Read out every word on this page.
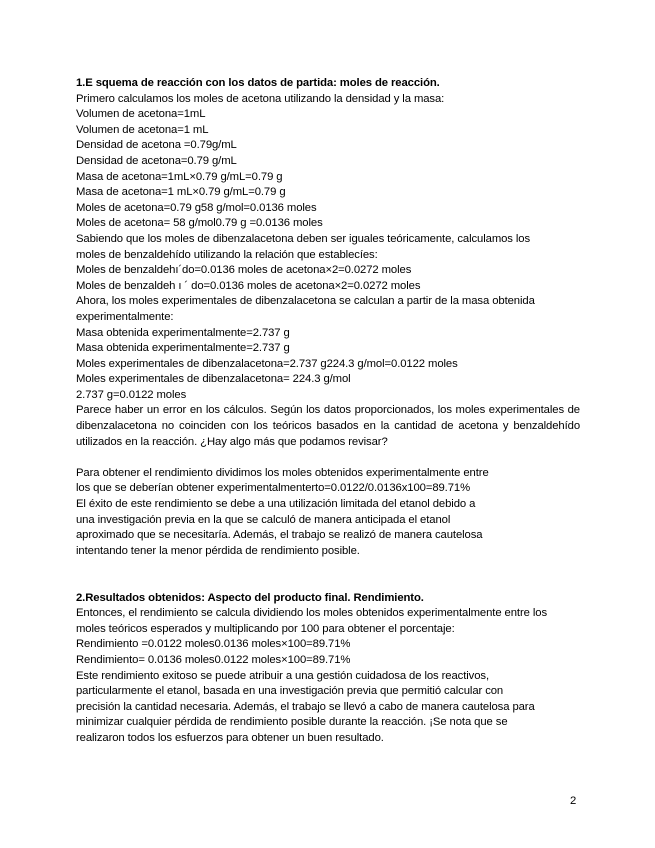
1.E squema de reacción con los datos de partida: moles de reacción.
Primero calculamos los moles de acetona utilizando la densidad y la masa:
Volumen de acetona=1mL
Volumen de acetona=1 mL
Densidad de acetona =0.79g/mL
Densidad de acetona=0.79 g/mL
Masa de acetona=1mL×0.79 g/mL=0.79 g
Masa de acetona=1 mL×0.79 g/mL=0.79 g
Moles de acetona=0.79 g58 g/mol=0.0136 moles
Moles de acetona= 58 g/mol0.79 g =0.0136 moles
Sabiendo que los moles de dibenzalacetona deben ser iguales teóricamente, calculamos los
moles de benzaldehído utilizando la relación que establecíes:
Moles de benzaldehı´do=0.0136 moles de acetona×2=0.0272 moles
Moles de benzaldeh ı ´ do=0.0136 moles de acetona×2=0.0272 moles
Ahora, los moles experimentales de dibenzalacetona se calculan a partir de la masa obtenida
experimentalmente:
Masa obtenida experimentalmente=2.737 g
Masa obtenida experimentalmente=2.737 g
Moles experimentales de dibenzalacetona=2.737 g224.3 g/mol=0.0122 moles
Moles experimentales de dibenzalacetona= 224.3 g/mol
2.737 g=0.0122 moles
Parece haber un error en los cálculos. Según los datos proporcionados, los moles experimentales de dibenzalacetona no coinciden con los teóricos basados en la cantidad de acetona y benzaldehído utilizados en la reacción. ¿Hay algo más que podamos revisar?
Para obtener el rendimiento dividimos los moles obtenidos experimentalmente entre
los que se deberían obtener experimentalmenterto=0.0122/0.0136x100=89.71%
El éxito de este rendimiento se debe a una utilización limitada del etanol debido a
una investigación previa en la que se calculó de manera anticipada el etanol
aproximado que se necesitaría. Además, el trabajo se realizó de manera cautelosa
intentando tener la menor pérdida de rendimiento posible.
2.Resultados obtenidos: Aspecto del producto final. Rendimiento.
Entonces, el rendimiento se calcula dividiendo los moles obtenidos experimentalmente entre los
moles teóricos esperados y multiplicando por 100 para obtener el porcentaje:
Rendimiento =0.0122 moles0.0136 moles×100=89.71%
Rendimiento= 0.0136 moles0.0122 moles×100=89.71%
Este rendimiento exitoso se puede atribuir a una gestión cuidadosa de los reactivos,
particularmente el etanol, basada en una investigación previa que permitió calcular con
precisión la cantidad necesaria. Además, el trabajo se llevó a cabo de manera cautelosa para
minimizar cualquier pérdida de rendimiento posible durante la reacción. ¡Se nota que se
realizaron todos los esfuerzos para obtener un buen resultado.
2
